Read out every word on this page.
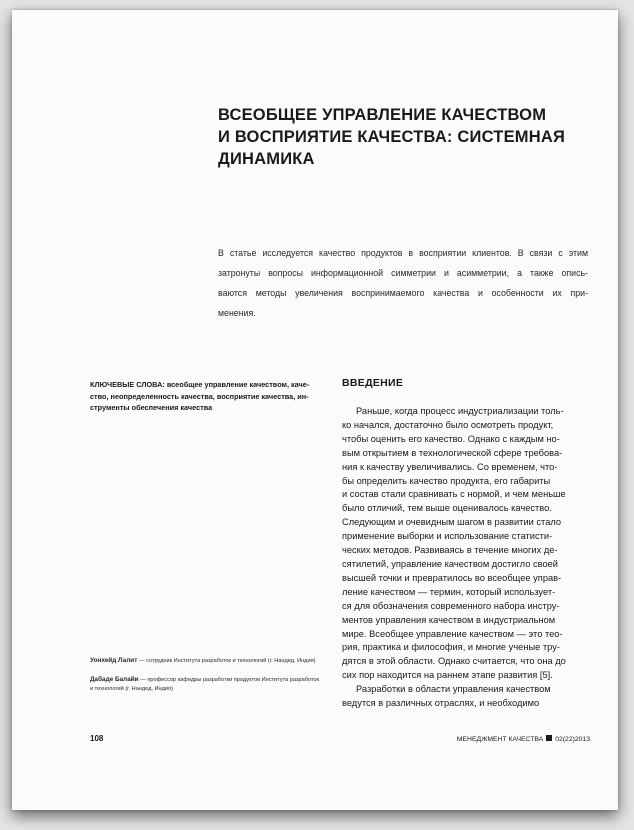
ВСЕОБЩЕЕ УПРАВЛЕНИЕ КАЧЕСТВОМ
И ВОСПРИЯТИЕ КАЧЕСТВА: СИСТЕМНАЯ
ДИНАМИКА
В статье исследуется качество продуктов в восприятии клиентов. В связи с этим
затронуты вопросы информационной симметрии и асимметрии, а также опись-
ваются методы увеличения воспринимаемого качества и особенности их при-
менения.
КЛЮЧЕВЫЕ СЛОВА: всеобщее управление качеством, каче-
ство, неопределенность качества, восприятие качества, ин-
струменты обеспечения качества
ВВЕДЕНИЕ
Раньше, когда процесс индустриализации толь-
ко начался, достаточно было осмотреть продукт,
чтобы оценить его качество. Однако с каждым но-
вым открытием в технологической сфере требова-
ния к качеству увеличивались. Со временем, что-
бы определить качество продукта, его габариты
и состав стали сравнивать с нормой, и чем меньше
было отличий, тем выше оценивалось качество.
Следующим и очевидным шагом в развитии стало
применение выборки и использование статисти-
ческих методов. Развиваясь в течение многих де-
сятилетий, управление качеством достигло своей
высшей точки и превратилось во всеобщее управ-
ление качеством — термин, который использует-
ся для обозначения современного набора инстру-
ментов управления качеством в индустриальном
мире. Всеобщее управление качеством — это тео-
рия, практика и философия, и многие ученые тру-
дятся в этой области. Однако считается, что она до
сих пор находится на раннем этапе развития [5].
Разработки в области управления качеством
ведутся в различных отраслях, и необходимо
Уонхейд Лалит — сотрудник Института разработок и технологий (г. Нандед, Индия)
Дабаде Балайи — профессор кафедры разработки продуктов Института разработок
и технологий (г. Нандед, Индия)
108	МЕНЕДЖМЕНТ КАЧЕСТВА 02(22)2013
